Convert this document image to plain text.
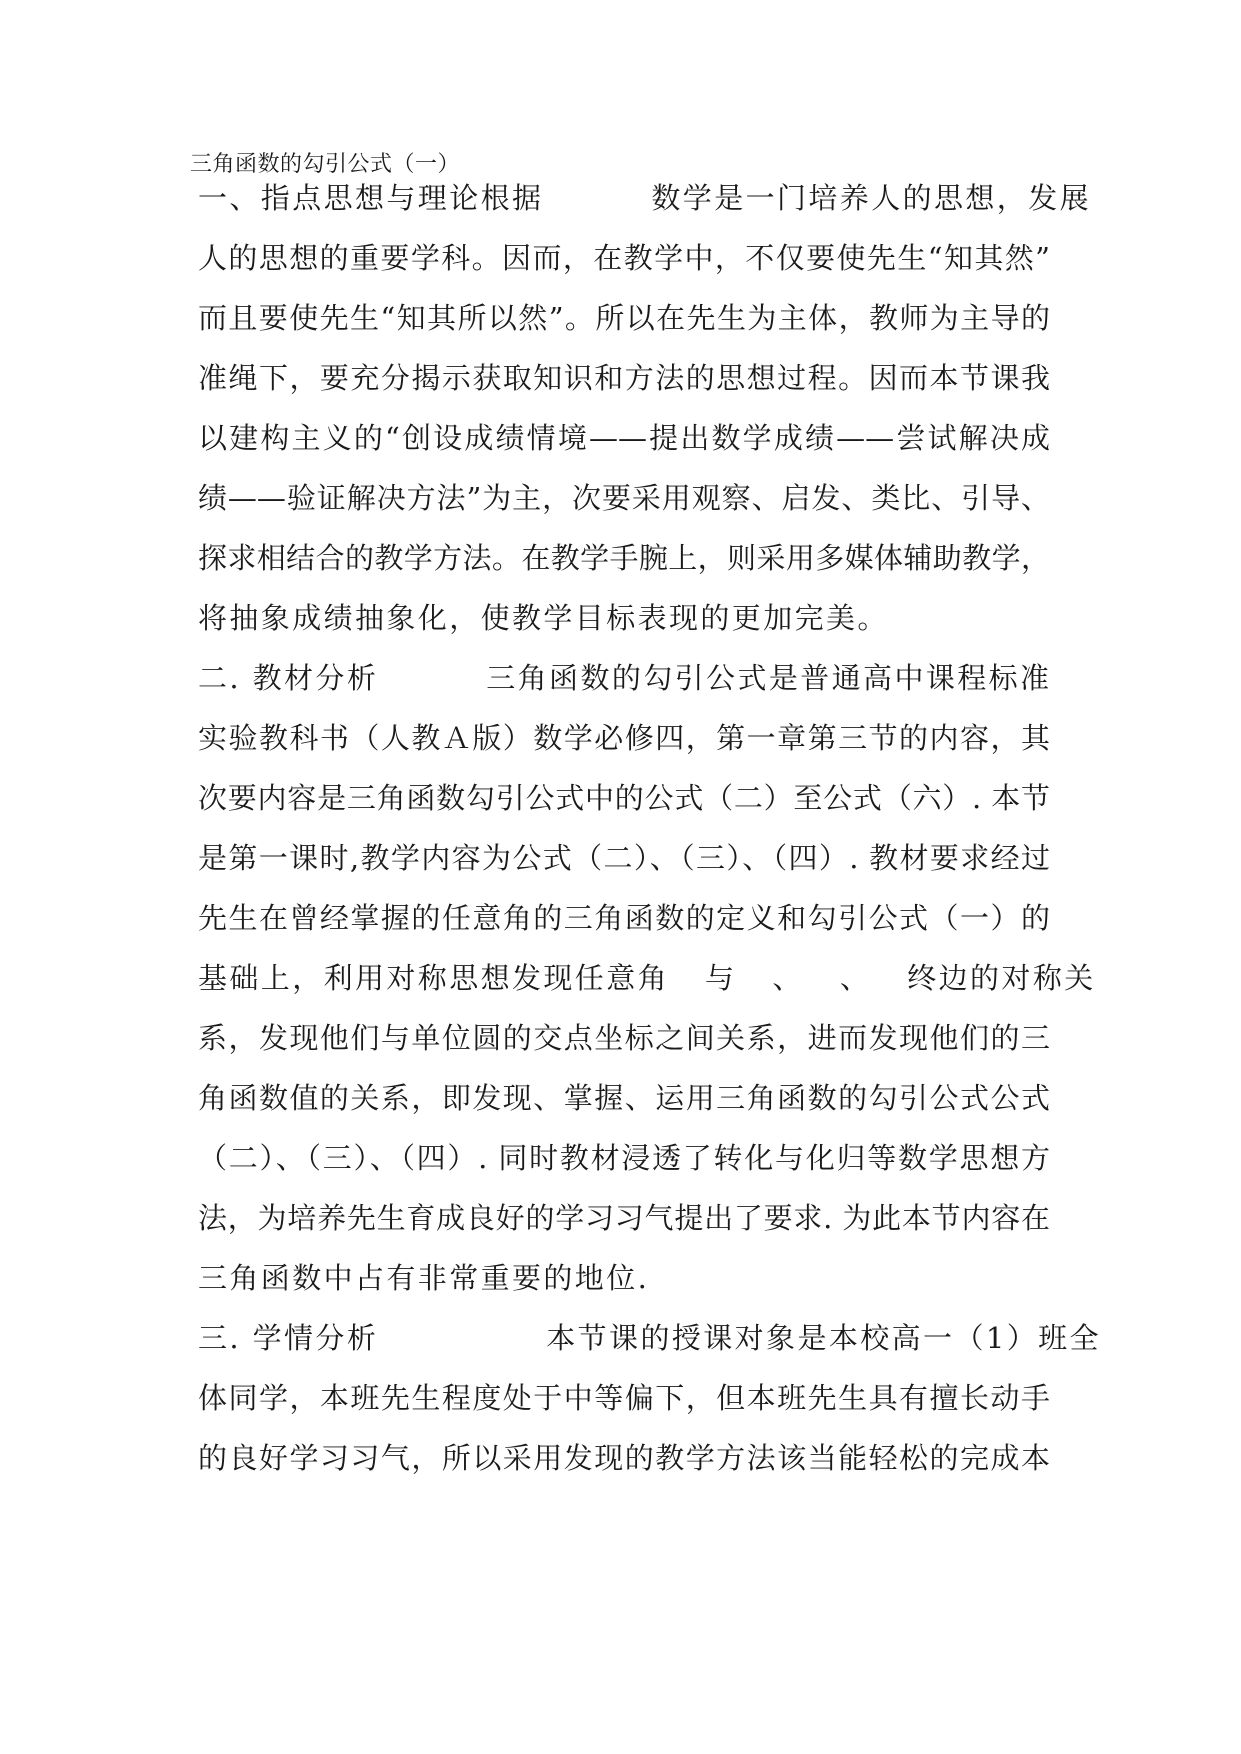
三角函数的勾引公式（一）
一、指点思想与理论根据	数学是一门培养人的思想，发展
人的思想的重要学科。因而，在教学中，不仅要使先生“知其然”
而且要使先生“知其所以然”。所以在先生为主体，教师为主导的
准绳下，要充分揭示获取知识和方法的思想过程。因而本节课我
以建构主义的“创设成绩情境——提出数学成绩——尝试解决成
绩——验证解决方法”为主，次要采用观察、启发、类比、引导、
探求相结合的教学方法。在教学手腕上，则采用多媒体辅助教学，
将抽象成绩抽象化，使教学目标表现的更加完美。
二. 教材分析	三角函数的勾引公式是普通高中课程标准
实验教科书（人教Ａ版）数学必修四，第一章第三节的内容，其
次要内容是三角函数勾引公式中的公式（二）至公式（六）. 本节
是第一课时,教学内容为公式（二）、（三）、（四）. 教材要求经过
先生在曾经掌握的任意角的三角函数的定义和勾引公式（一）的
基础上，利用对称思想发现任意角 与 、 、 终边的对称关
系，发现他们与单位圆的交点坐标之间关系，进而发现他们的三
角函数值的关系，即发现、掌握、运用三角函数的勾引公式公式
（二）、（三）、（四）. 同时教材浸透了转化与化归等数学思想方
法，为培养先生育成良好的学习习气提出了要求. 为此本节内容在
三角函数中占有非常重要的地位.
三. 学情分析	本节课的授课对象是本校高一（1）班全
体同学，本班先生程度处于中等偏下，但本班先生具有擅长动手
的良好学习习气，所以采用发现的教学方法该当能轻松的完成本
